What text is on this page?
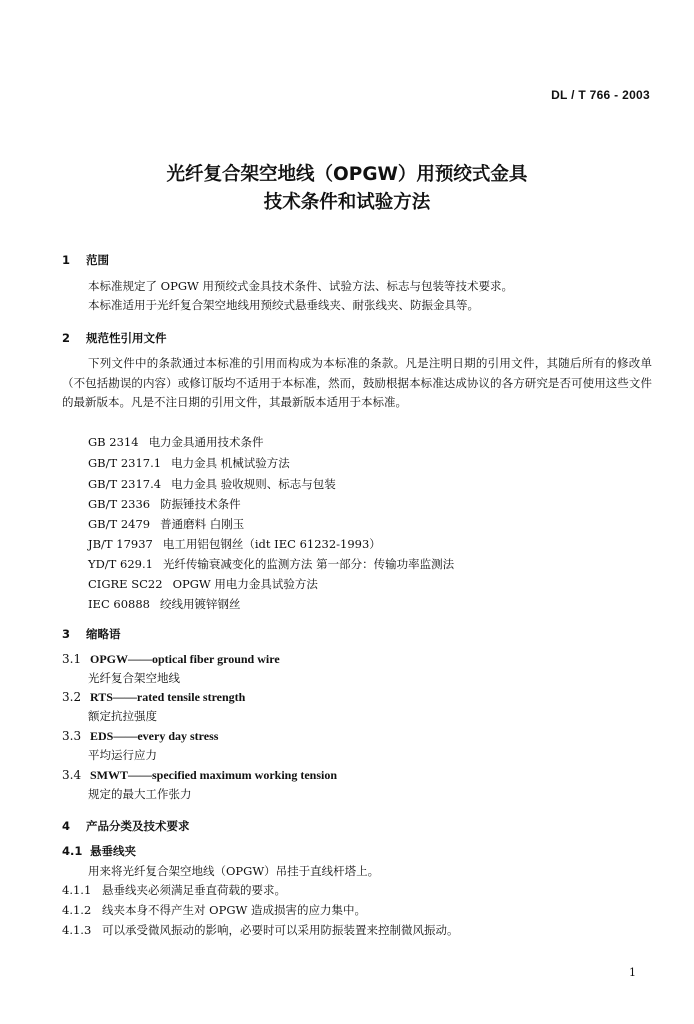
DL / T 766 - 2003
光纤复合架空地线（OPGW）用预绞式金具
技术条件和试验方法
1 范围
本标准规定了 OPGW 用预绞式金具技术条件、试验方法、标志与包装等技术要求。
本标准适用于光纤复合架空地线用预绞式悬垂线夹、耐张线夹、防振金具等。
2 规范性引用文件
下列文件中的条款通过本标准的引用而构成为本标准的条款。凡是注明日期的引用文件，其随后所有的修改单（不包括勘误的内容）或修订版均不适用于本标准，然而，鼓励根据本标准达成协议的各方研究是否可使用这些文件的最新版本。凡是不注日期的引用文件，其最新版本适用于本标准。
GB 2314 电力金具通用技术条件
GB/T 2317.1 电力金具 机械试验方法
GB/T 2317.4 电力金具 验收规则、标志与包装
GB/T 2336 防振锤技术条件
GB/T 2479 普通磨料 白刚玉
JB/T 17937 电工用铝包钢丝（idt IEC 61232-1993）
YD/T 629.1 光纤传输衰减变化的监测方法 第一部分：传输功率监测法
CIGRE SC22 OPGW 用电力金具试验方法
IEC 60888 绞线用镀锌钢丝
3 缩略语
3.1 OPGW——optical fiber ground wire
光纤复合架空地线
3.2 RTS——rated tensile strength
额定抗拉强度
3.3 EDS——every day stress
平均运行应力
3.4 SMWT——specified maximum working tension
规定的最大工作张力
4 产品分类及技术要求
4.1 悬垂线夹
用来将光纤复合架空地线（OPGW）吊挂于直线杆塔上。
4.1.1 悬垂线夹必须满足垂直荷载的要求。
4.1.2 线夹本身不得产生对 OPGW 造成损害的应力集中。
4.1.3 可以承受微风振动的影响，必要时可以采用防振装置来控制微风振动。
1
